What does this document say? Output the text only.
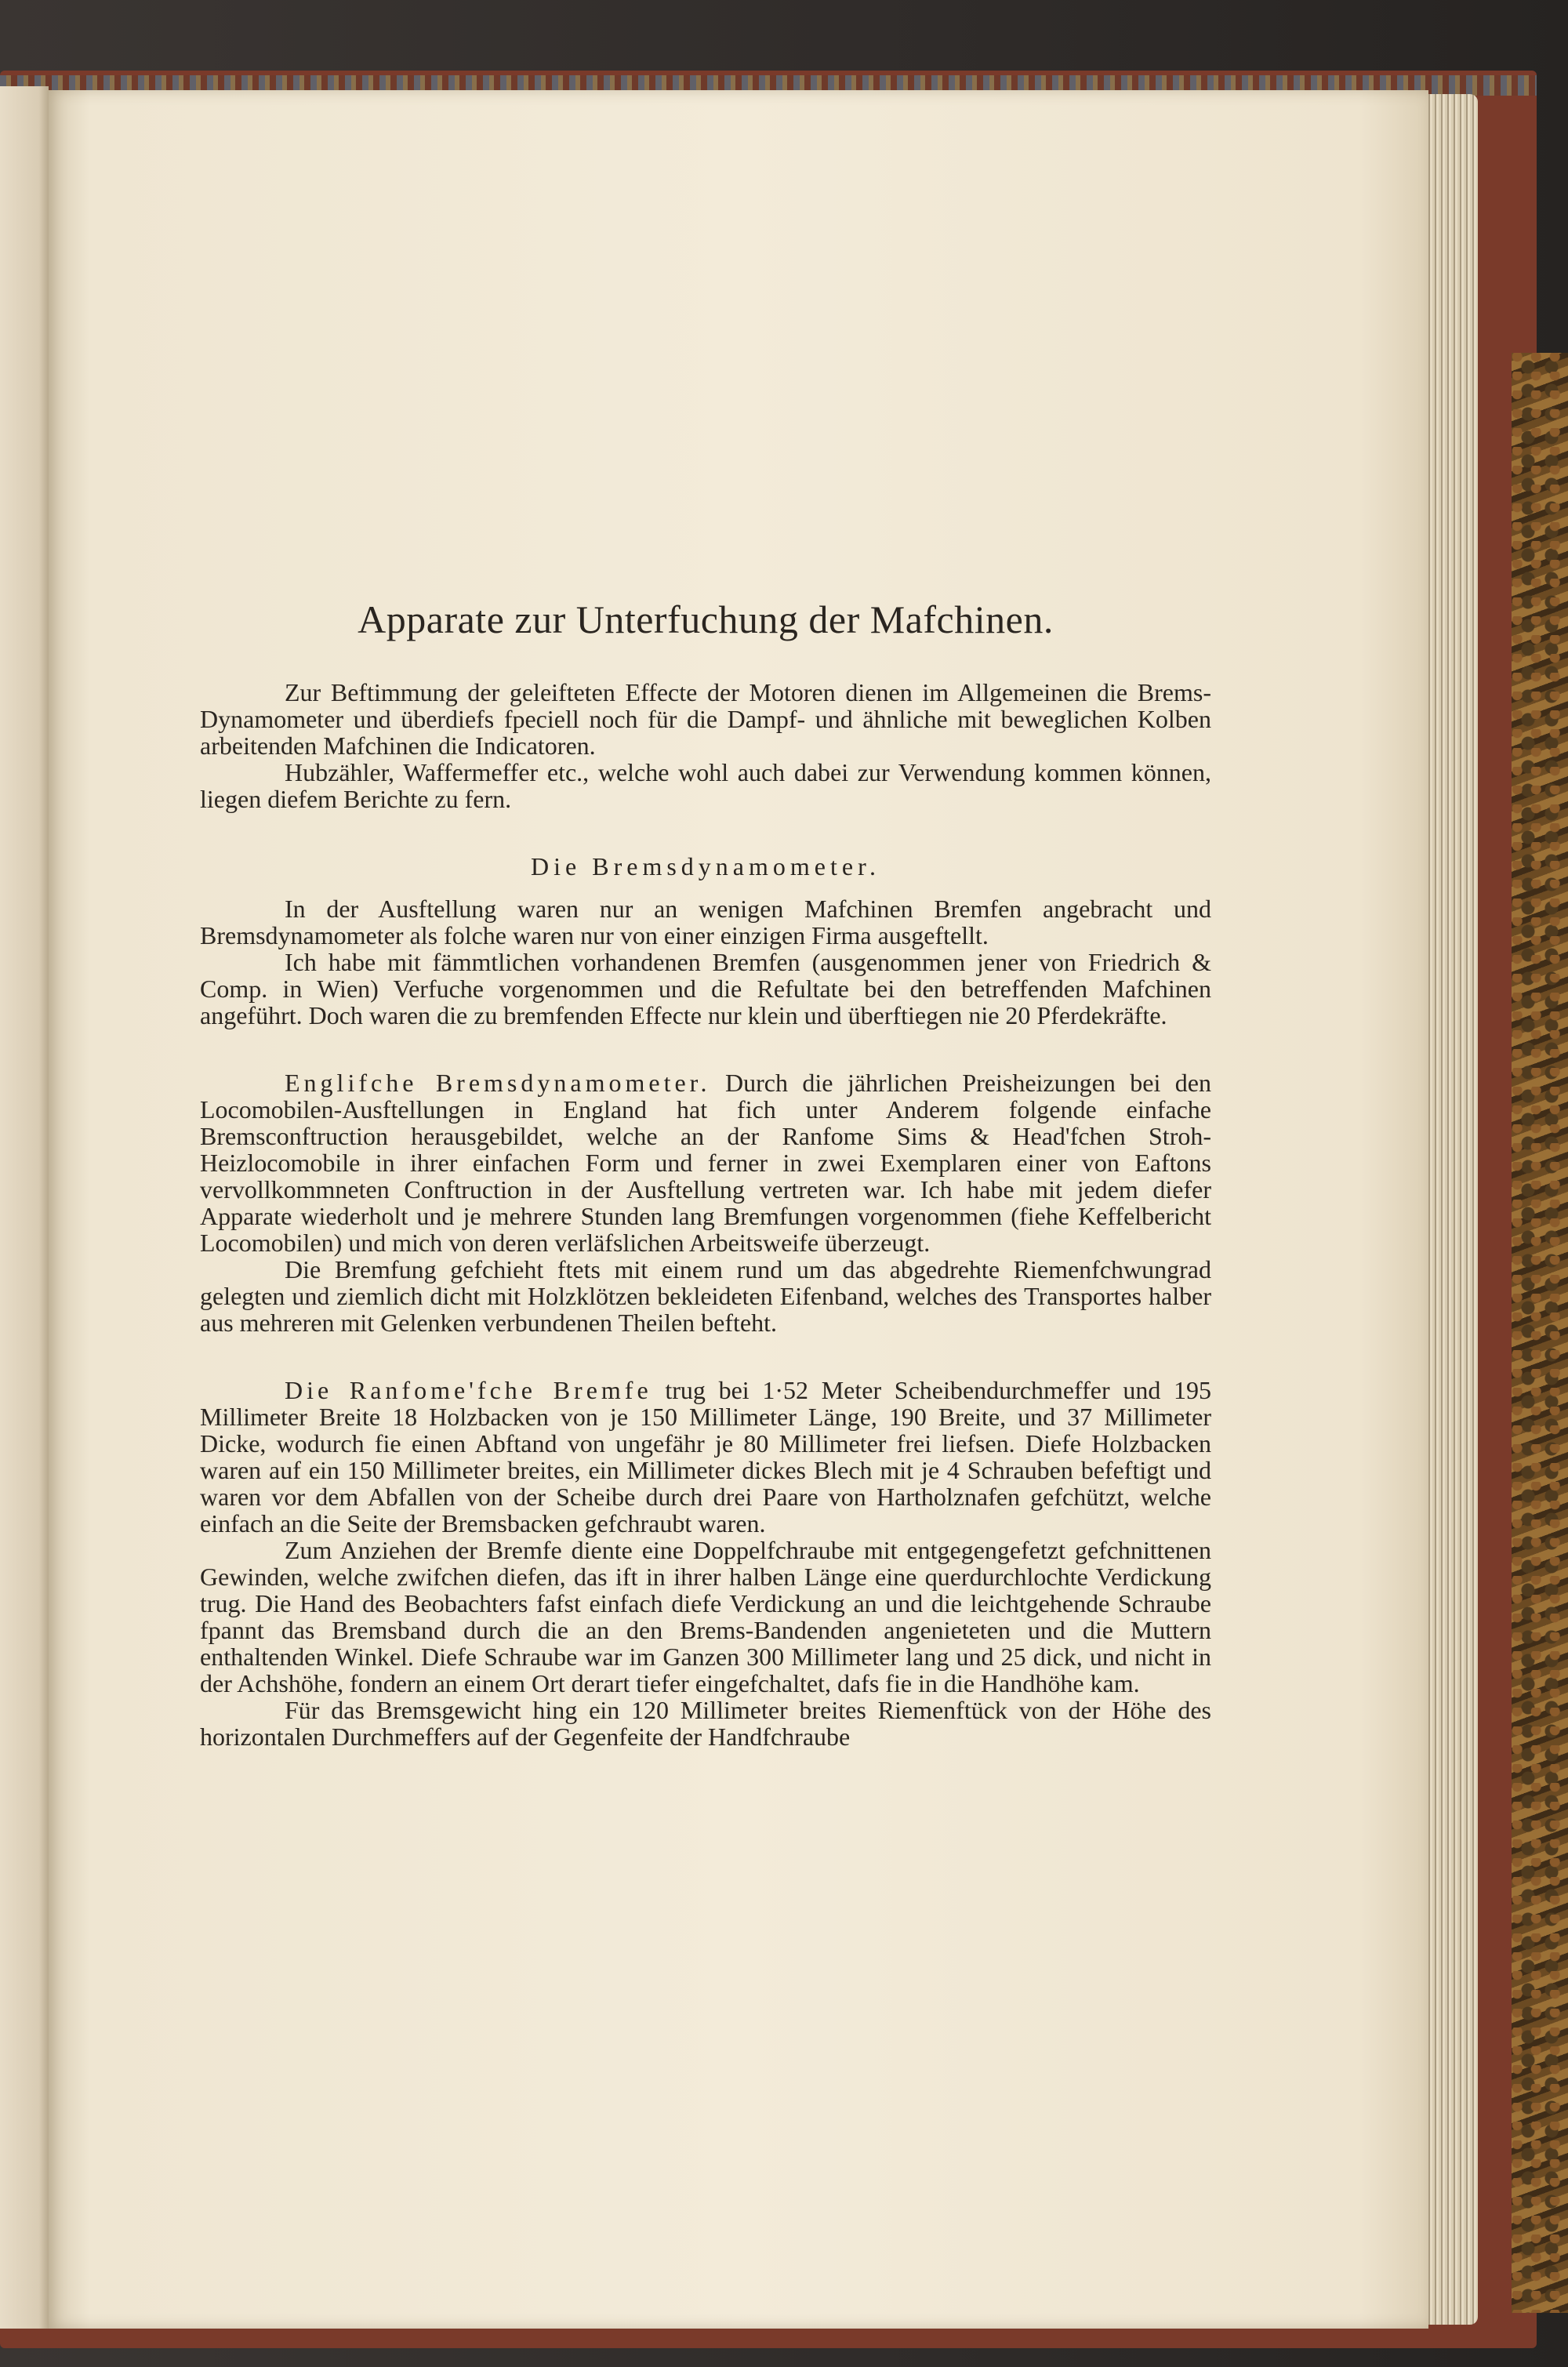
Apparate zur Unterfuchung der Mafchinen.

Zur Beftimmung der geleifteten Effecte der Motoren dienen im Allgemeinen die Brems-Dynamometer und überdiefs fpeciell noch für die Dampf- und ähnliche mit beweglichen Kolben arbeitenden Mafchinen die Indicatoren.

Hubzähler, Waffermeffer etc., welche wohl auch dabei zur Verwendung kommen können, liegen diefem Berichte zu fern.

Die Bremsdynamometer.

In der Ausftellung waren nur an wenigen Mafchinen Bremfen angebracht und Bremsdynamometer als folche waren nur von einer einzigen Firma ausgeftellt.

Ich habe mit fämmtlichen vorhandenen Bremfen (ausgenommen jener von Friedrich & Comp. in Wien) Verfuche vorgenommen und die Refultate bei den betreffenden Mafchinen angeführt. Doch waren die zu bremfenden Effecte nur klein und überftiegen nie 20 Pferdekräfte.

Englifche Bremsdynamometer. Durch die jährlichen Preisheizungen bei den Locomobilen-Ausftellungen in England hat fich unter Anderem folgende einfache Bremsconftruction herausgebildet, welche an der Ranfome Sims & Head'fchen Stroh-Heizlocomobile in ihrer einfachen Form und ferner in zwei Exemplaren einer von Eaftons vervollkommneten Conftruction in der Ausftellung vertreten war. Ich habe mit jedem diefer Apparate wiederholt und je mehrere Stunden lang Bremfungen vorgenommen (fiehe Keffelbericht Locomobilen) und mich von deren verläfslichen Arbeitsweife überzeugt.

Die Bremfung gefchieht ftets mit einem rund um das abgedrehte Riemenfchwungrad gelegten und ziemlich dicht mit Holzklötzen bekleideten Eifenband, welches des Transportes halber aus mehreren mit Gelenken verbundenen Theilen befteht.

Die Ranfome'fche Bremfe trug bei 1·52 Meter Scheibendurchmeffer und 195 Millimeter Breite 18 Holzbacken von je 150 Millimeter Länge, 190 Breite, und 37 Millimeter Dicke, wodurch fie einen Abftand von ungefähr je 80 Millimeter frei liefsen. Diefe Holzbacken waren auf ein 150 Millimeter breites, ein Millimeter dickes Blech mit je 4 Schrauben befeftigt und waren vor dem Abfallen von der Scheibe durch drei Paare von Hartholznafen gefchützt, welche einfach an die Seite der Bremsbacken gefchraubt waren.

Zum Anziehen der Bremfe diente eine Doppelfchraube mit entgegengefetzt gefchnittenen Gewinden, welche zwifchen diefen, das ift in ihrer halben Länge eine querdurchlochte Verdickung trug. Die Hand des Beobachters fafst einfach diefe Verdickung an und die leichtgehende Schraube fpannt das Bremsband durch die an den Brems-Bandenden angenieteten und die Muttern enthaltenden Winkel. Diefe Schraube war im Ganzen 300 Millimeter lang und 25 dick, und nicht in der Achshöhe, fondern an einem Ort derart tiefer eingefchaltet, dafs fie in die Handhöhe kam.

Für das Bremsgewicht hing ein 120 Millimeter breites Riemenftück von der Höhe des horizontalen Durchmeffers auf der Gegenfeite der Handfchraube
